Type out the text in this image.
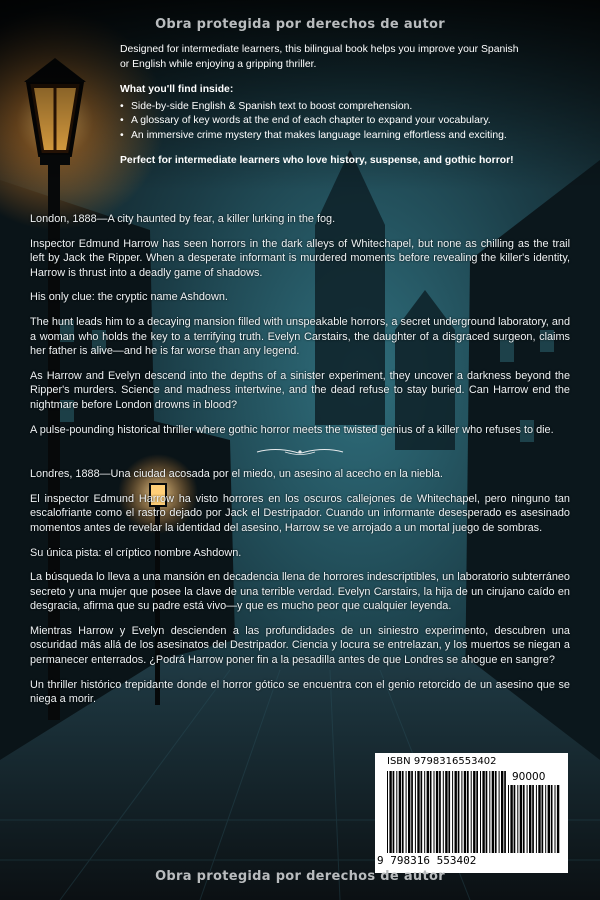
Obra protegida por derechos de autor

Designed for intermediate learners, this bilingual book helps you improve your Spanish or English while enjoying a gripping thriller.

What you'll find inside:

• Side-by-side English & Spanish text to boost comprehension.
• A glossary of key words at the end of each chapter to expand your vocabulary.
• An immersive crime mystery that makes language learning effortless and exciting.

Perfect for intermediate learners who love history, suspense, and gothic horror!

London, 1888—A city haunted by fear, a killer lurking in the fog.

Inspector Edmund Harrow has seen horrors in the dark alleys of Whitechapel, but none as chilling as the trail left by Jack the Ripper. When a desperate informant is murdered moments before revealing the killer's identity, Harrow is thrust into a deadly game of shadows.

His only clue: the cryptic name Ashdown.

The hunt leads him to a decaying mansion filled with unspeakable horrors, a secret underground laboratory, and a woman who holds the key to a terrifying truth. Evelyn Carstairs, the daughter of a disgraced surgeon, claims her father is alive—and he is far worse than any legend.

As Harrow and Evelyn descend into the depths of a sinister experiment, they uncover a darkness beyond the Ripper's murders. Science and madness intertwine, and the dead refuse to stay buried. Can Harrow end the nightmare before London drowns in blood?

A pulse-pounding historical thriller where gothic horror meets the twisted genius of a killer who refuses to die.

Londres, 1888—Una ciudad acosada por el miedo, un asesino al acecho en la niebla.

El inspector Edmund Harrow ha visto horrores en los oscuros callejones de Whitechapel, pero ninguno tan escalofriante como el rastro dejado por Jack el Destripador. Cuando un informante desesperado es asesinado momentos antes de revelar la identidad del asesino, Harrow se ve arrojado a un mortal juego de sombras.

Su única pista: el críptico nombre Ashdown.

La búsqueda lo lleva a una mansión en decadencia llena de horrores indescriptibles, un laboratorio subterráneo secreto y una mujer que posee la clave de una terrible verdad. Evelyn Carstairs, la hija de un cirujano caído en desgracia, afirma que su padre está vivo—y que es mucho peor que cualquier leyenda.

Mientras Harrow y Evelyn descienden a las profundidades de un siniestro experimento, descubren una oscuridad más allá de los asesinatos del Destripador. Ciencia y locura se entrelazan, y los muertos se niegan a permanecer enterrados. ¿Podrá Harrow poner fin a la pesadilla antes de que Londres se ahogue en sangre?

Un thriller histórico trepidante donde el horror gótico se encuentra con el genio retorcido de un asesino que se niega a morir.

ISBN 9798316553402
90000
9 798316 553402
Obra protegida por derechos de autor
